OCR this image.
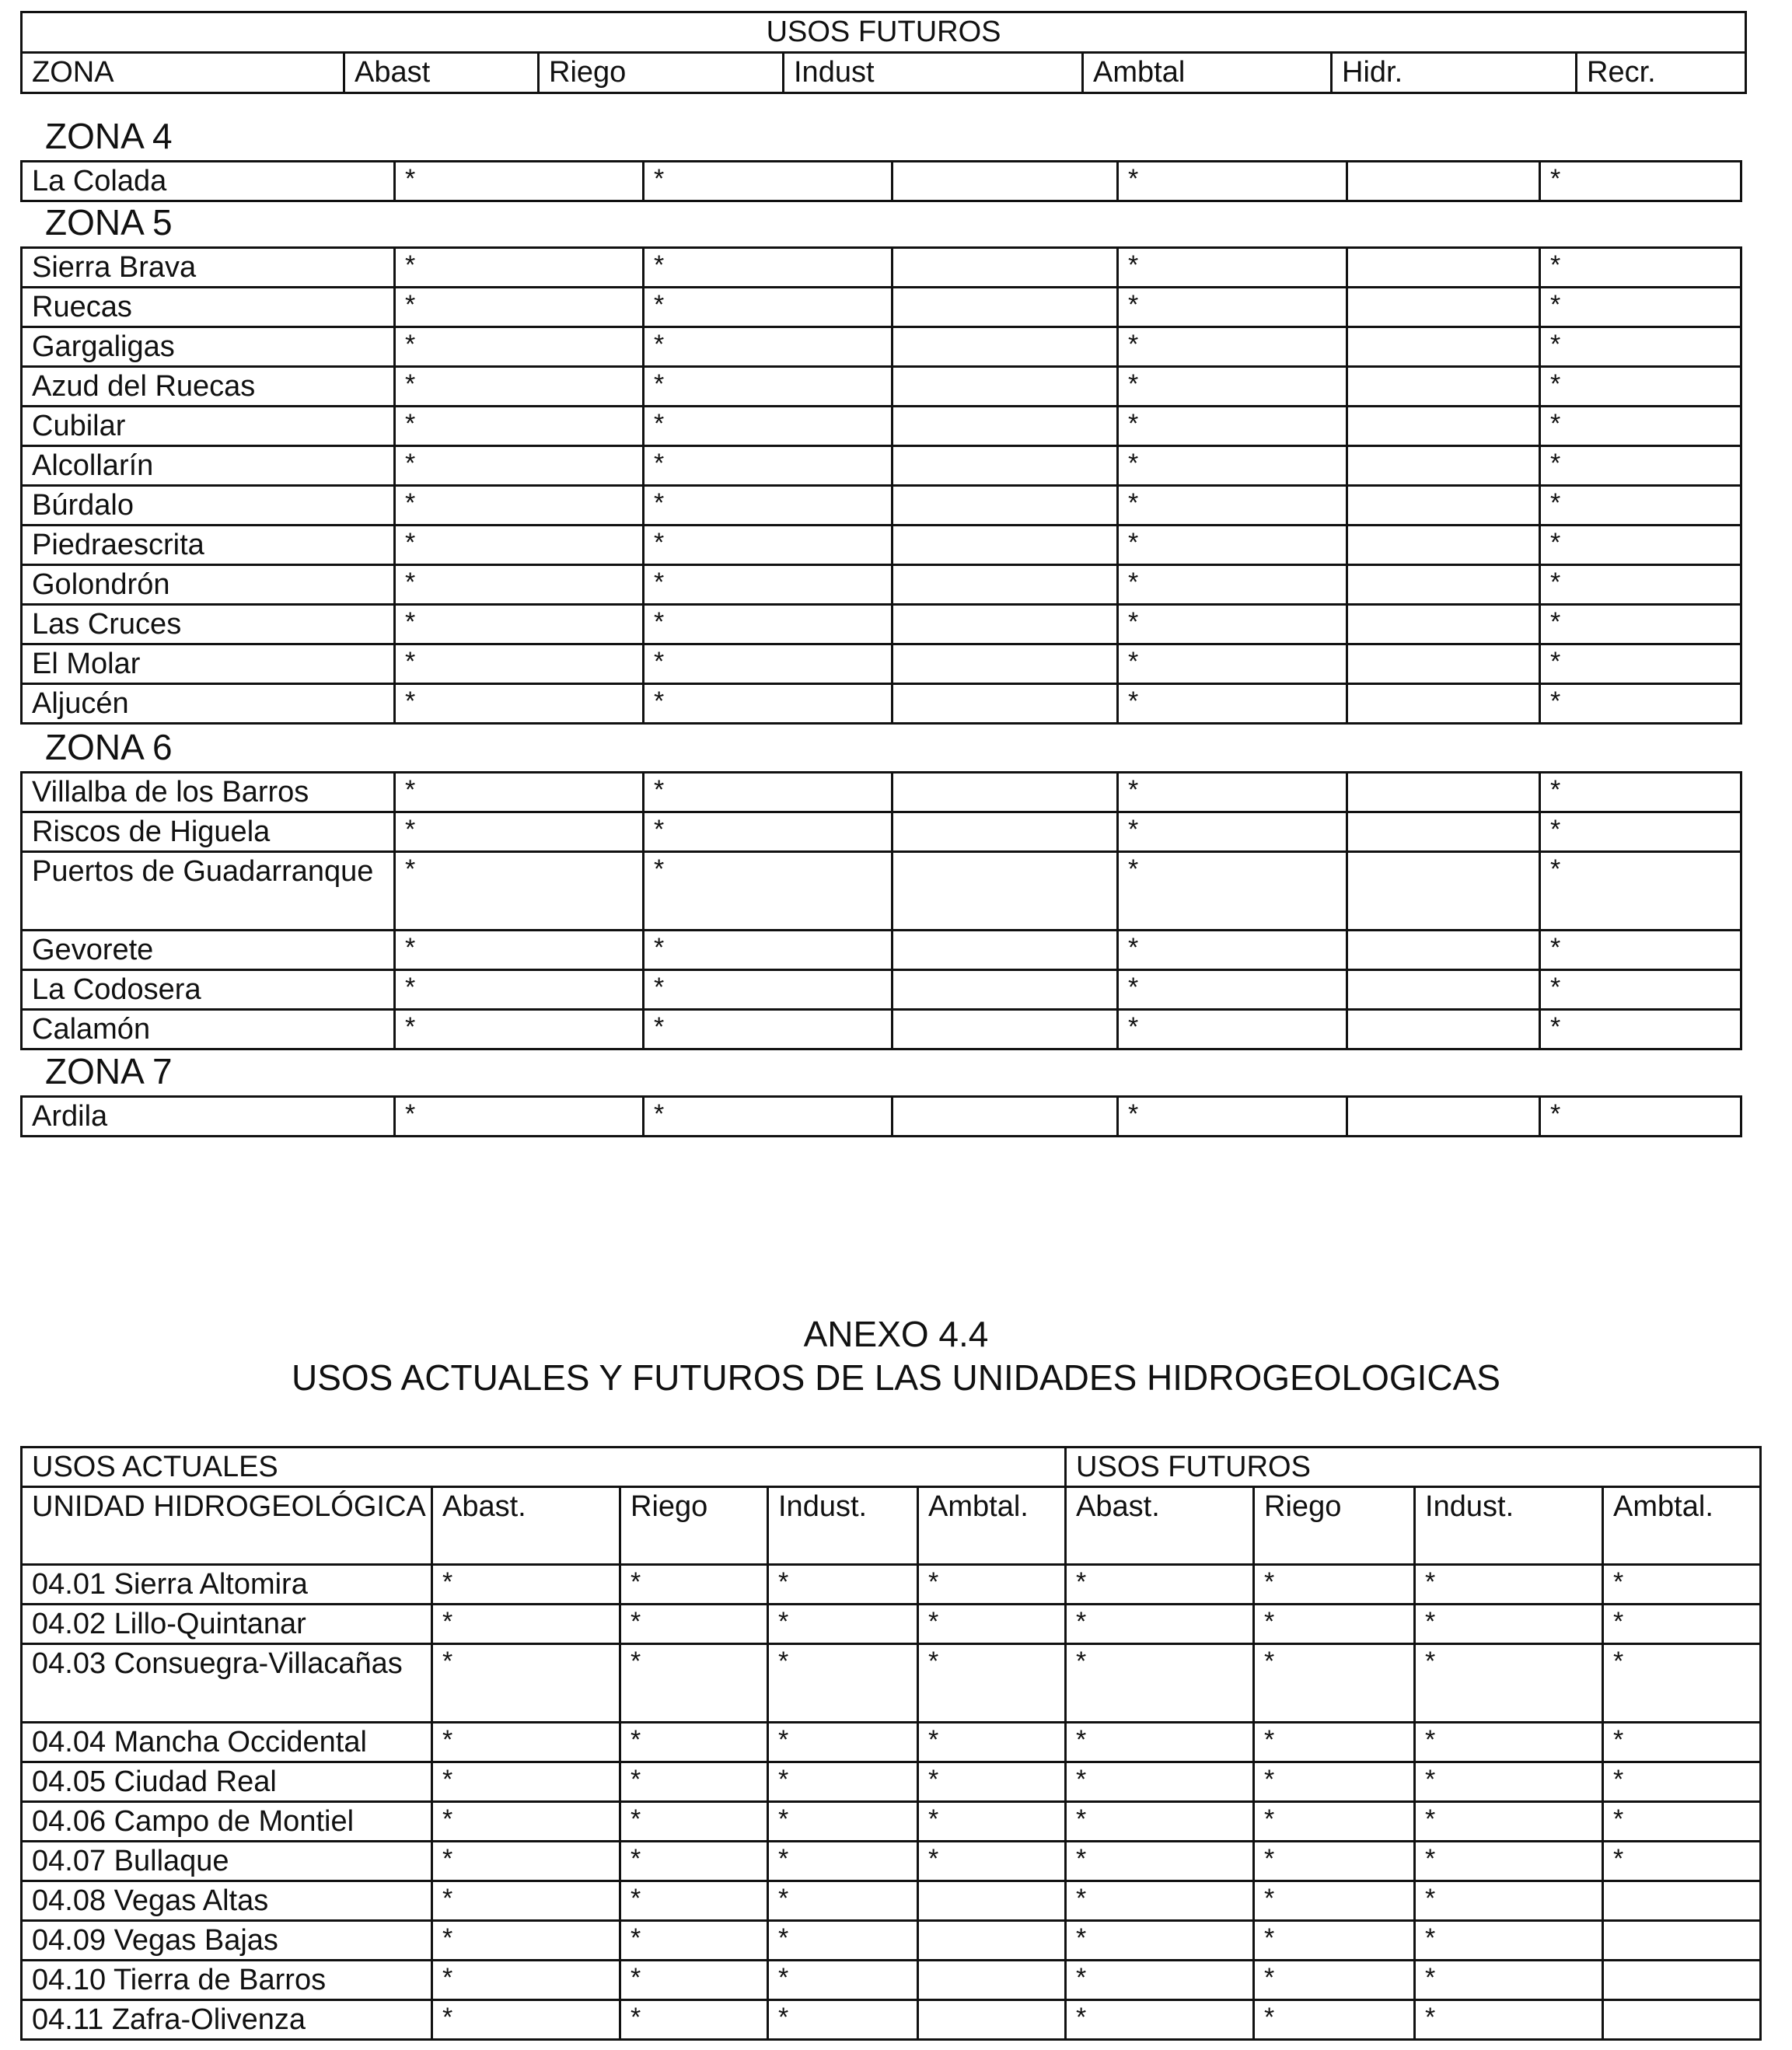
USOS FUTUROS
ZONA	Abast	Riego	Indust	Ambtal	Hidr.	Recr.
ZONA 4
ZONA 5
ZONA 6
ZONA 7
La Colada	*	*		*		*
Sierra Brava	*	*		*		*
Ruecas	*	*		*		*
Gargaligas	*	*		*		*
Azud del Ruecas	*	*		*		*
Cubilar	*	*		*		*
Alcollarín	*	*		*		*
Búrdalo	*	*		*		*
Piedraescrita	*	*		*		*
Golondrón	*	*		*		*
Las Cruces	*	*		*		*
El Molar	*	*		*		*
Aljucén	*	*		*		*
Villalba de los Barros	*	*		*		*
Riscos de Higuela	*	*		*		*
Puertos de Guadarranque	*	*		*		*
Gevorete	*	*		*		*
La Codosera	*	*		*		*
Calamón	*	*		*		*
Ardila	*	*		*		*
ANEXO 4.4
USOS ACTUALES Y FUTUROS DE LAS UNIDADES HIDROGEOLOGICAS
USOS ACTUALES					USOS FUTUROS			
UNIDAD HIDROGEOLÓGICA	Abast.	Riego	Indust.	Ambtal.	Abast.	Riego	Indust.	Ambtal.
04.01 Sierra Altomira	*	*	*	*	*	*	*	*
04.02 Lillo-Quintanar	*	*	*	*	*	*	*	*
04.03 Consuegra-Villacañas	*	*	*	*	*	*	*	*
04.04 Mancha Occidental	*	*	*	*	*	*	*	*
04.05 Ciudad Real	*	*	*	*	*	*	*	*
04.06 Campo de Montiel	*	*	*	*	*	*	*	*
04.07 Bullaque	*	*	*	*	*	*	*	*
04.08 Vegas Altas	*	*	*		*	*	*	
04.09 Vegas Bajas	*	*	*		*	*	*	
04.10 Tierra de Barros	*	*	*		*	*	*	
04.11 Zafra-Olivenza	*	*	*		*	*	*	
